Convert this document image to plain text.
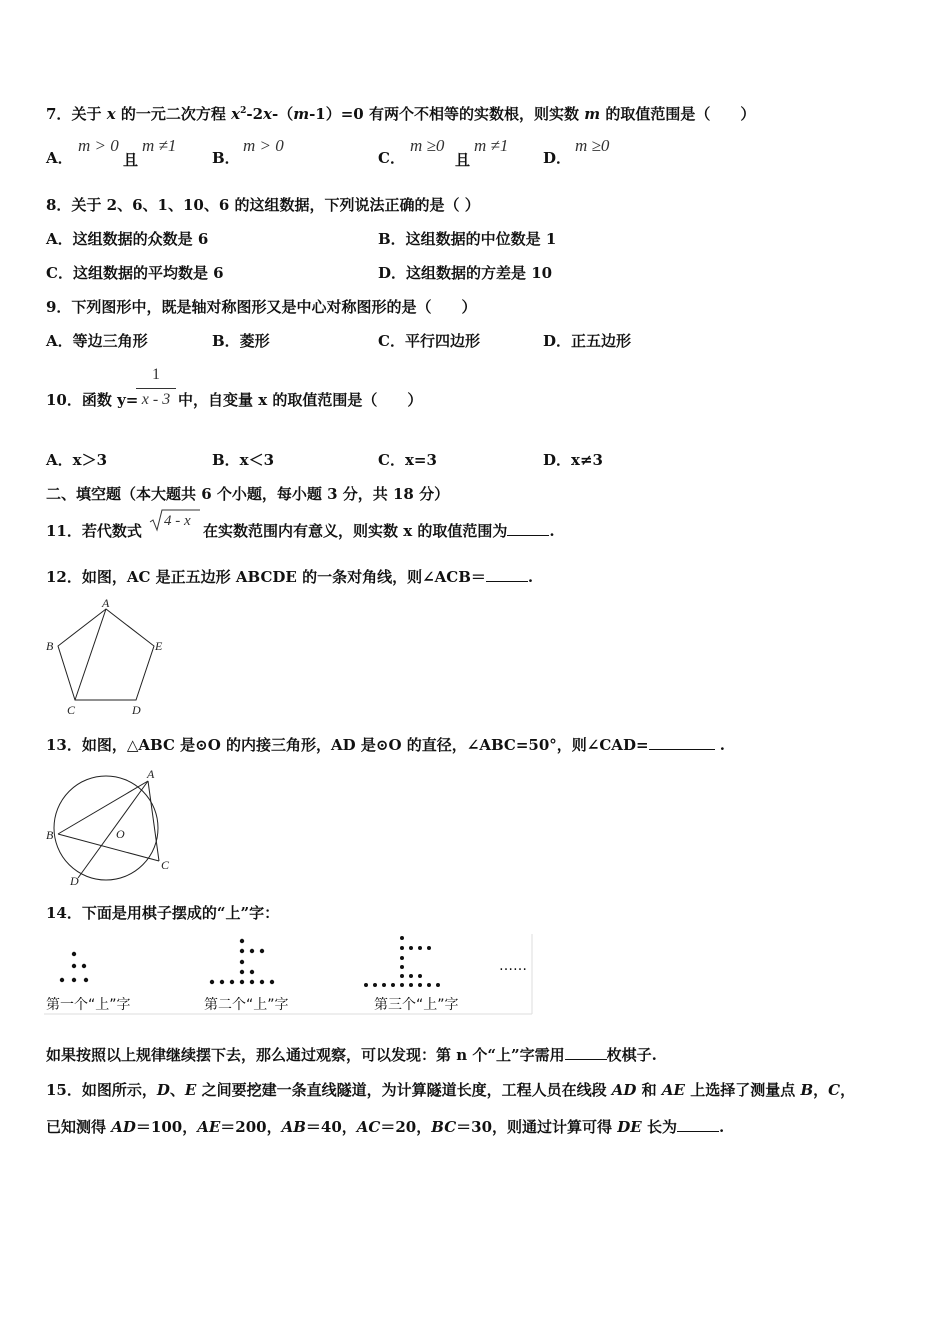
7．关于 x 的一元二次方程 $x^2-2x-(m-1)=0$ 有两个不相等的实数根，则实数 m 的取值范围是（　　）
A．
m > 0
且
m ≠1
B．
m > 0
C．
m ≥0
且
m ≠1
D．
m ≥0
8．关于 2、6、1、10、6 的这组数据，下列说法正确的是（ ）
A．这组数据的众数是 6	B．这组数据的中位数是 1
C．这组数据的平均数是 6	D．这组数据的方差是 10
9．下列图形中，既是轴对称图形又是中心对称图形的是（　　）
A．等边三角形	B．菱形	C．平行四边形	D．正五边形
10．函数 y=
1
x - 3 中，自变量 x 的取值范围是（　　）
A．x＞3	B．x＜3	C．x=3	D．x≠3
二、填空题（本大题共 6 个小题，每小题 3 分，共 18 分）
11．若代数式
4 - x
在实数范围内有意义，则实数 x 的取值范围为	.
12．如图，AC 是正五边形 ABCDE 的一条对角线，则∠ACB＝	.
A
B
C	D
E
13．如图，△ABC 是⊙O 的内接三角形，AD 是⊙O 的直径，∠ABC=50°，则∠CAD=	.
A
B
C
D
O
14．下面是用棋子摆成的“上”字：
……
第一个“上”字	第二个“上”字	第三个“上”字
如果按照以上规律继续摆下去，那么通过观察，可以发现：第 n 个“上”字需用	枚棋子.
15．如图所示，D、E 之间要挖建一条直线隧道，为计算隧道长度，工程人员在线段 AD 和 AE 上选择了测量点 B，C，
已知测得 AD＝100，AE＝200，AB＝40，AC＝20，BC＝30，则通过计算可得 DE 长为	.
